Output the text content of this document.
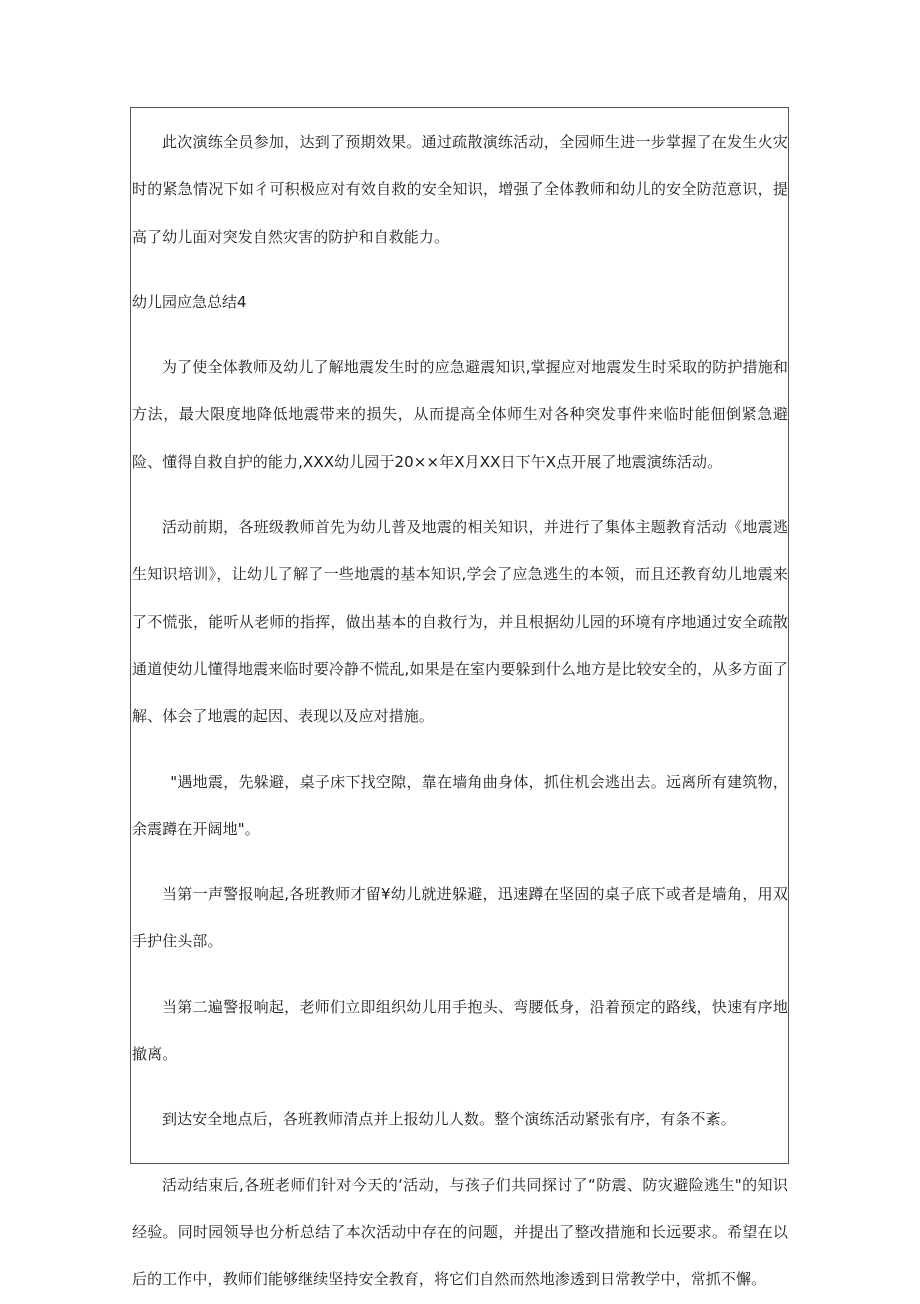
此次演练全员参加，达到了预期效果。通过疏散演练活动，全园师生进一步掌握了在发生火灾时的紧急情况下如彳可积极应对有效自救的安全知识，增强了全体教师和幼儿的安全防范意识，提高了幼儿面对突发自然灾害的防护和自救能力。

幼儿园应急总结4

为了使全体教师及幼儿了解地震发生时的应急避震知识,掌握应对地震发生时采取的防护措施和方法，最大限度地降低地震带来的损失，从而提高全体师生对各种突发事件来临时能佃倒紧急避险、懂得自救自护的能力,XXX幼儿园于20××年X月XX日下午X点开展了地震演练活动。

活动前期，各班级教师首先为幼儿普及地震的相关知识，并进行了集体主题教育活动《地震逃生知识培训》，让幼儿了解了一些地震的基本知识,学会了应急逃生的本领，而且还教育幼儿地震来了不慌张，能听从老师的指挥，做出基本的自救行为，并且根据幼儿园的环境有序地通过安全疏散通道使幼儿懂得地震来临时要冷静不慌乱,如果是在室内要躲到什么地方是比较安全的，从多方面了解、体会了地震的起因、表现以及应对措施。

"遇地震，先躲避，桌子床下找空隙，靠在墙角曲身体，抓住机会逃出去。远离所有建筑物，余震蹲在开阔地"。

当第一声警报响起,各班教师才留¥幼儿就进躲避，迅速蹲在坚固的桌子底下或者是墙角，用双手护住头部。

当第二遍警报响起，老师们立即组织幼儿用手抱头、弯腰低身，沿着预定的路线，快速有序地撤离。

到达安全地点后，各班教师清点并上报幼儿人数。整个演练活动紧张有序，有条不紊。

活动结束后,各班老师们针对今天的‘活动，与孩子们共同探讨了“防震、防灾避险逃生"的知识经验。同时园领导也分析总结了本次活动中存在的问题，并提出了整改措施和长远要求。希望在以后的工作中，教师们能够继续坚持安全教育，将它们自然而然地渗透到日常教学中，常抓不懈。
